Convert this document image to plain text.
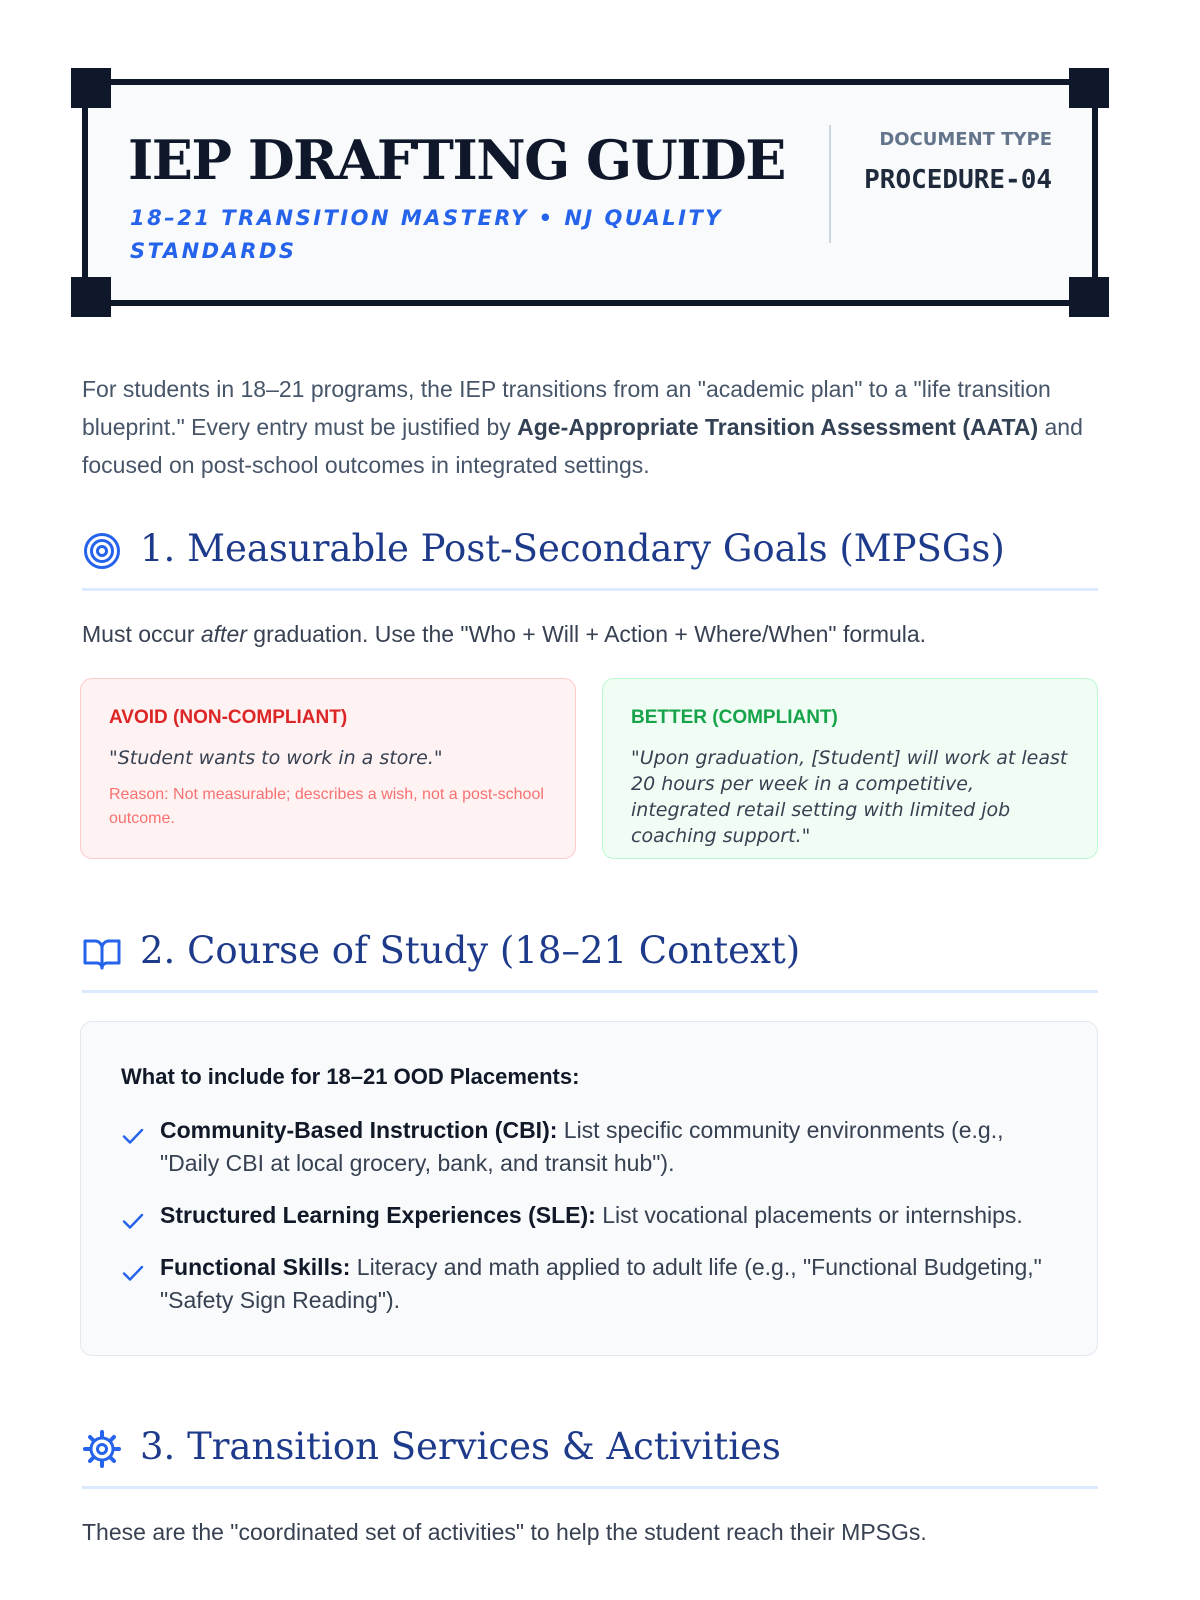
IEP DRAFTING GUIDE

18–21 TRANSITION MASTERY • NJ QUALITY STANDARDS

DOCUMENT TYPE
PROCEDURE-04

For students in 18–21 programs, the IEP transitions from an "academic plan" to a "life transition blueprint." Every entry must be justified by Age-Appropriate Transition Assessment (AATA) and focused on post-school outcomes in integrated settings.

1. Measurable Post-Secondary Goals (MPSGs)

Must occur after graduation. Use the "Who + Will + Action + Where/When" formula.

AVOID (NON-COMPLIANT)

"Student wants to work in a store."

Reason: Not measurable; describes a wish, not a post-school outcome.

BETTER (COMPLIANT)

"Upon graduation, [Student] will work at least 20 hours per week in a competitive, integrated retail setting with limited job coaching support."

2. Course of Study (18–21 Context)

What to include for 18–21 OOD Placements:

Community-Based Instruction (CBI): List specific community environments (e.g., "Daily CBI at local grocery, bank, and transit hub").
Structured Learning Experiences (SLE): List vocational placements or internships.
Functional Skills: Literacy and math applied to adult life (e.g., "Functional Budgeting," "Safety Sign Reading").
3. Transition Services & Activities

These are the "coordinated set of activities" to help the student reach their MPSGs.
